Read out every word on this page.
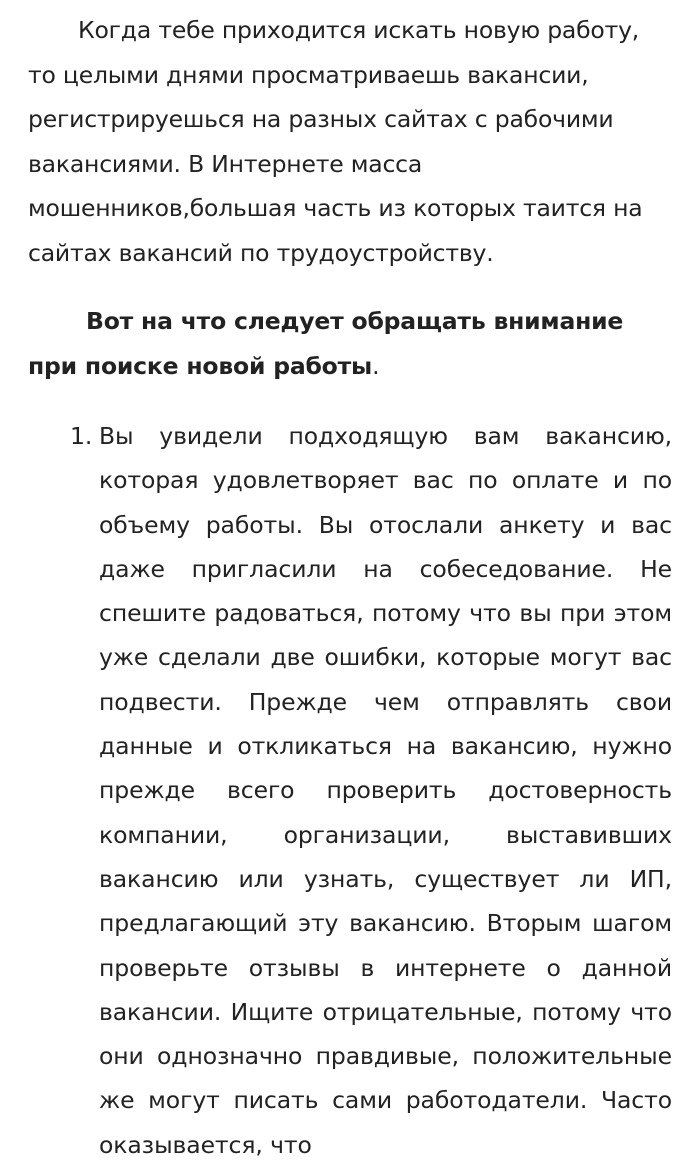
Когда тебе приходится искать новую работу, то целыми днями просматриваешь вакансии, регистрируешься на разных сайтах с рабочими вакансиями. В Интернете масса мошенников,большая часть из которых таится на сайтах вакансий по трудоустройству.

Вот на что следует обращать внимание при поиске новой работы.

1. Вы увидели подходящую вам вакансию, которая удовлетворяет вас по оплате и по объему работы. Вы отослали анкету и вас даже пригласили на собеседование. Не спешите радоваться, потому что вы при этом уже сделали две ошибки, которые могут вас подвести. Прежде чем отправлять свои данные и откликаться на вакансию, нужно прежде всего проверить достоверность компании, организации, выставивших вакансию или узнать, существует ли ИП, предлагающий эту вакансию. Вторым шагом проверьте отзывы в интернете о данной вакансии. Ищите отрицательные, потому что они однозначно правдивые, положительные же могут писать сами работодатели. Часто оказывается, что
